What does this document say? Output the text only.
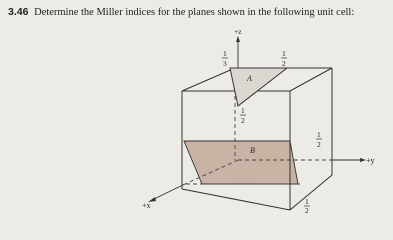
3.46 Determine the Miller indices for the planes shown in the following unit cell:
+z
+y
+x
A
B
1
3
1
2
1
2
1
2
1
2
